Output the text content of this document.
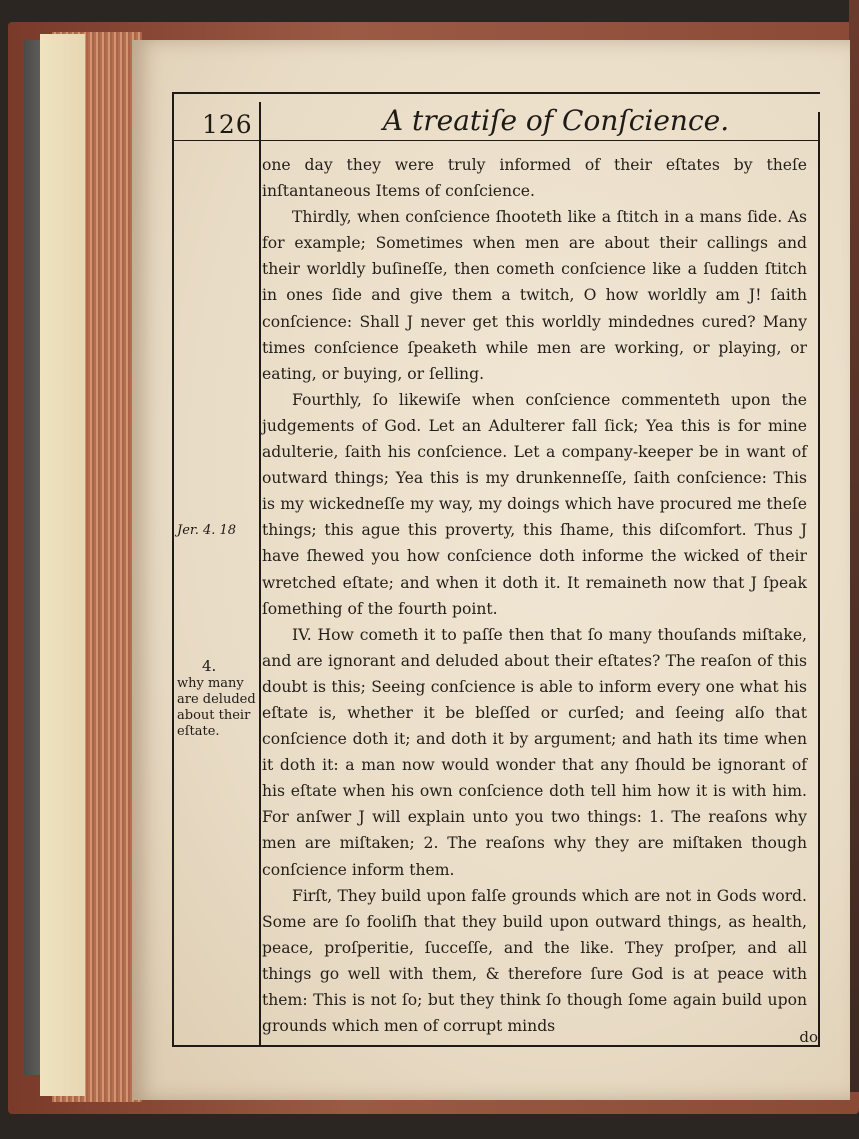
126	A treatiſe of Conſcience.
Jer. 4. 18
4.
why many are deluded about their eſtate.

one day they were truly informed of their eſtates by theſe inſtantaneous Items of conſcience.

Thirdly, when conſcience ſhooteth like a ſtitch in a mans ſide. As for example; Sometimes when men are about their callings and their worldly buſineſſe, then cometh conſcience like a ſudden ſtitch in ones ſide and give them a twitch, O how worldly am J! ſaith conſcience: Shall J never get this worldly mindednes cured? Many times conſcience ſpeaketh while men are working, or playing, or eating, or buying, or ſelling.

Fourthly, ſo likewiſe when conſcience commenteth upon the judgements of God. Let an Adulterer fall ſick; Yea this is for mine adulterie, ſaith his conſcience. Let a company-keeper be in want of outward things; Yea this is my drunkenneſſe, ſaith conſcience: This is my wickedneſſe my way, my doings which have procured me theſe things; this ague this proverty, this ſhame, this diſcomfort. Thus J have ſhewed you how conſcience doth informe the wicked of their wretched eſtate; and when it doth it. It remaineth now that J ſpeak ſomething of the fourth point.

IV. How cometh it to paſſe then that ſo many thouſands miſtake, and are ignorant and deluded about their eſtates? The reaſon of this doubt is this; Seeing conſcience is able to inform every one what his eſtate is, whether it be bleſſed or curſed; and ſeeing alſo that conſcience doth it; and doth it by argument; and hath its time when it doth it: a man now would wonder that any ſhould be ignorant of his eſtate when his own conſcience doth tell him how it is with him. For anſwer J will explain unto you two things: 1. The reaſons why men are miſtaken; 2. The reaſons why they are miſtaken though conſcience inform them.

Firſt, They build upon falſe grounds which are not in Gods word. Some are ſo fooliſh that they build upon outward things, as health, peace, proſperitie, ſucceſſe, and the like. They proſper, and all things go well with them, & therefore ſure God is at peace with them: This is not ſo; but they think ſo though ſome again build upon grounds which men of corrupt minds

do
